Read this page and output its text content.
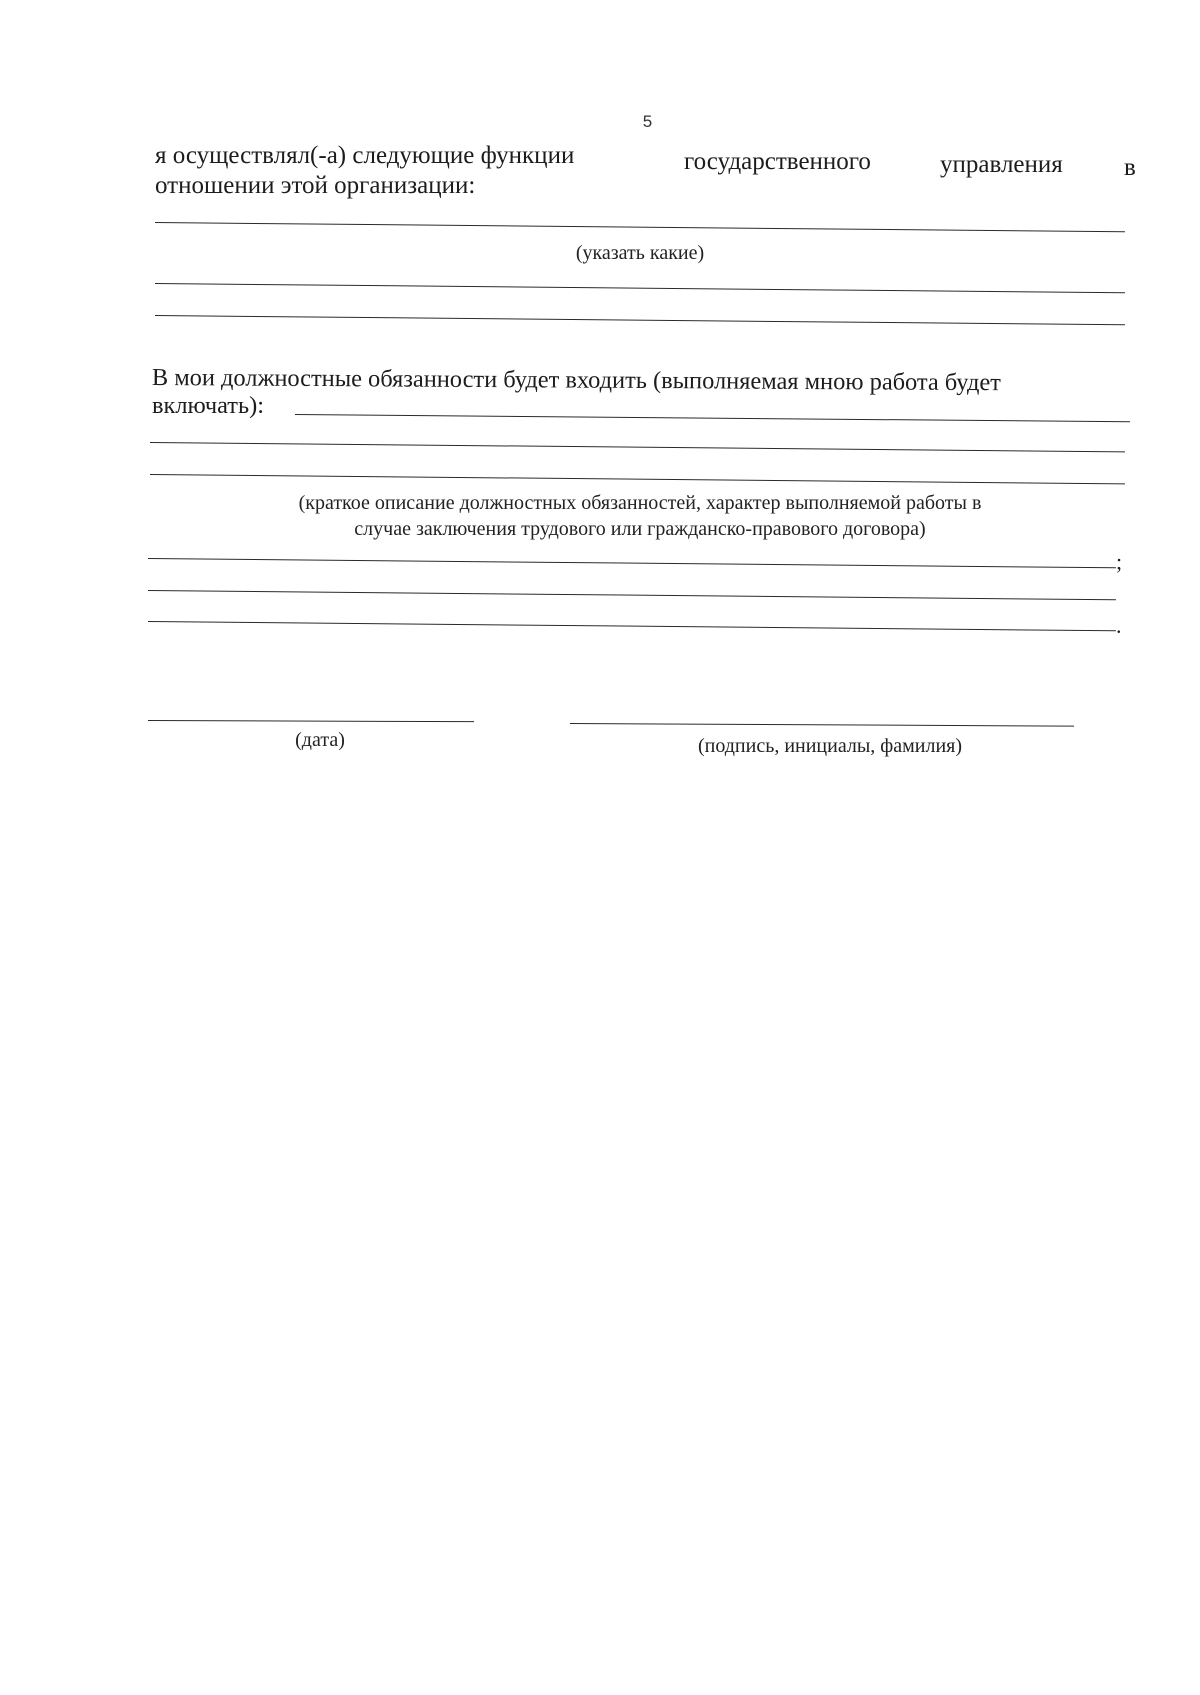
5
я осуществлял(-а) следующие функции	государственного	управления в
отношении этой организации:
(указать какие)
В мои должностные обязанности будет входить (выполняемая мною работа будет
включать):
(краткое описание должностных обязанностей, характер выполняемой работы в
случае заключения трудового или гражданско-правового договора)
;
.
(дата)	(подпись, инициалы, фамилия)
